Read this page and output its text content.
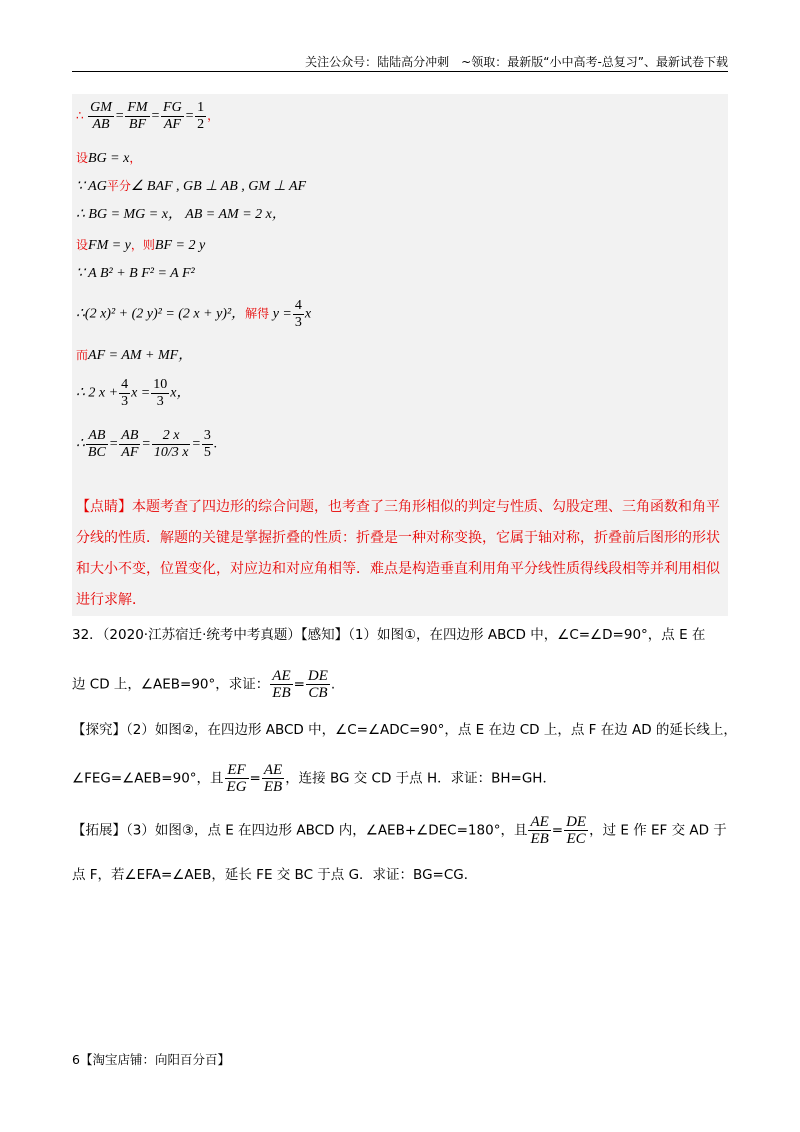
关注公众号：陆陆高分冲刺　~领取：最新版“小中高考-总复习”、最新试卷下载
∴ $\frac{GM}{AB} = \frac{FM}{BF} = \frac{FG}{AF} = \frac{1}{2}$ ，
设BG = x，
∵ AG平分∠ BAF , GB ⊥ AB , GM ⊥ AF
∴ BG = MG = x， AB = AM = 2 x，
设FM = y，则BF = 2 y
∵ A B² + B F² = A F²
∴(2 x)² + (2 y)² = (2 x + y)²，解得 $y = \frac{4}{3}$ x
而AF = AM + MF，
∴ 2 $x + \frac{4}{3}$ $x = \frac{10}{3}$ x，
∴ $\frac{AB}{BC} = \frac{AB}{AF} = \frac{2 x}{10/3 x} = \frac{3}{5}$ .
【点睛】本题考查了四边形的综合问题，也考查了三角形相似的判定与性质、勾股定理、三角函数和角平分线的性质．解题的关键是掌握折叠的性质：折叠是一种对称变换，它属于轴对称，折叠前后图形的形状和大小不变，位置变化，对应边和对应角相等．难点是构造垂直利用角平分线性质得线段相等并利用相似进行求解．
32．（2020·江苏宿迁·统考中考真题）【感知】（1）如图①，在四边形 ABCD 中，∠C=∠D=90°，点 E 在
边 CD 上，∠AEB=90°，求证： $\frac{AE}{EB} = \frac{DE}{CB}$ .
【探究】（2）如图②，在四边形 ABCD 中，∠C=∠ADC=90°，点 E 在边 CD 上，点 F 在边 AD 的延长线上，
∠FEG=∠AEB=90°，且 $\frac{EF}{EG} = \frac{AE}{EB}$ ，连接 BG 交 CD 于点 H．求证：BH=GH．
【拓展】（3）如图③，点 E 在四边形 ABCD 内，∠AEB+∠DEC=180°，且 $\frac{AE}{EB} = \frac{DE}{EC}$ ，过 E 作 EF 交 AD 于
点 F，若∠EFA=∠AEB，延长 FE 交 BC 于点 G．求证：BG=CG．
6【淘宝店铺：向阳百分百】
